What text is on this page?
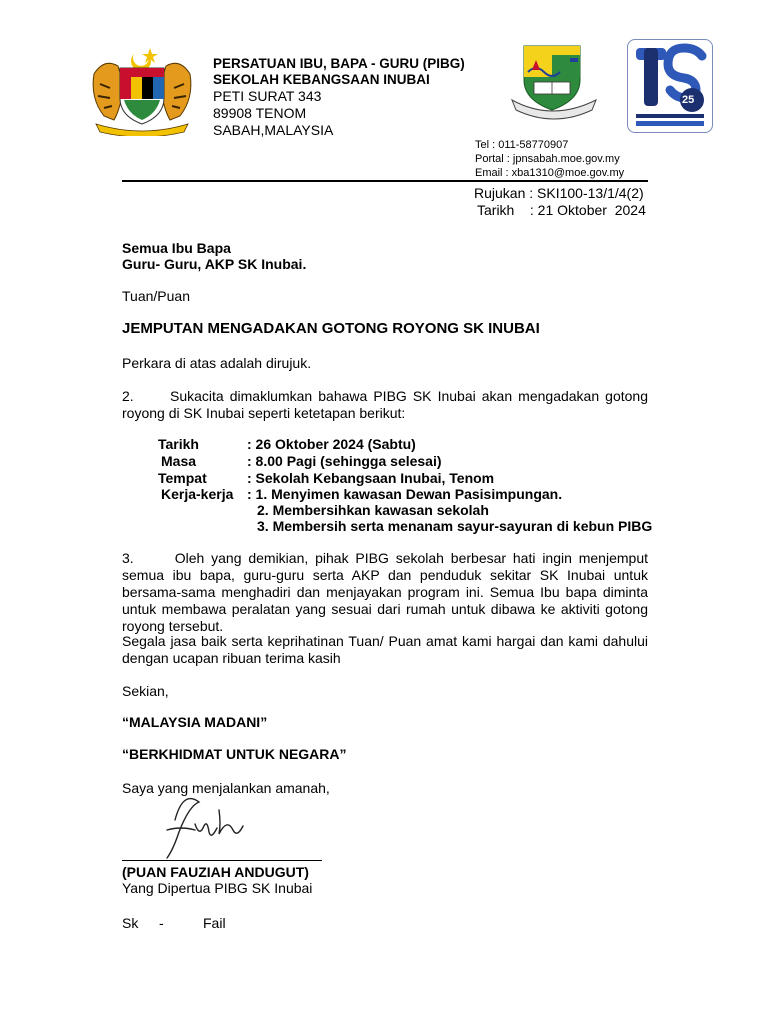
PERSATUAN IBU, BAPA - GURU (PIBG)
SEKOLAH KEBANGSAAN INUBAI
PETI SURAT 343
89908 TENOM
SABAH,MALAYSIA
25
Tel : 011-58770907
Portal : jpnsabah.moe.gov.my
Email : xba1310@moe.gov.my
Rujukan : SKI100-13/1/4(2)
Tarikh    : 21 Oktober  2024
Semua Ibu Bapa
Guru- Guru, AKP SK Inubai.
Tuan/Puan
JEMPUTAN MENGADAKAN GOTONG ROYONG SK INUBAI
Perkara di atas adalah dirujuk.
2.      Sukacita dimaklumkan bahawa PIBG SK Inubai akan mengadakan gotong royong di SK Inubai seperti ketetapan berikut:
Tarikh	: 26 Oktober 2024 (Sabtu)
Masa	: 8.00 Pagi (sehingga selesai)
Tempat	: Sekolah Kebangsaan Inubai, Tenom
Kerja-kerja : 1. Menyimen kawasan Dewan Pasisimpungan.
2. Membersihkan kawasan sekolah
3. Membersih serta menanam sayur-sayuran di kebun PIBG
3.      Oleh yang demikian, pihak PIBG sekolah berbesar hati ingin menjemput semua ibu bapa, guru-guru serta AKP dan penduduk sekitar SK Inubai untuk bersama-sama menghadiri dan menjayakan program ini. Semua Ibu bapa diminta untuk membawa peralatan yang sesuai dari rumah untuk dibawa ke aktiviti gotong royong tersebut.
Segala jasa baik serta keprihatinan Tuan/ Puan amat kami hargai dan kami dahului dengan ucapan ribuan terima kasih
Sekian,
“MALAYSIA MADANI”
“BERKHIDMAT UNTUK NEGARA”
Saya yang menjalankan amanah,
(PUAN FAUZIAH ANDUGUT)
Yang Dipertua PIBG SK Inubai
Sk -	Fail
